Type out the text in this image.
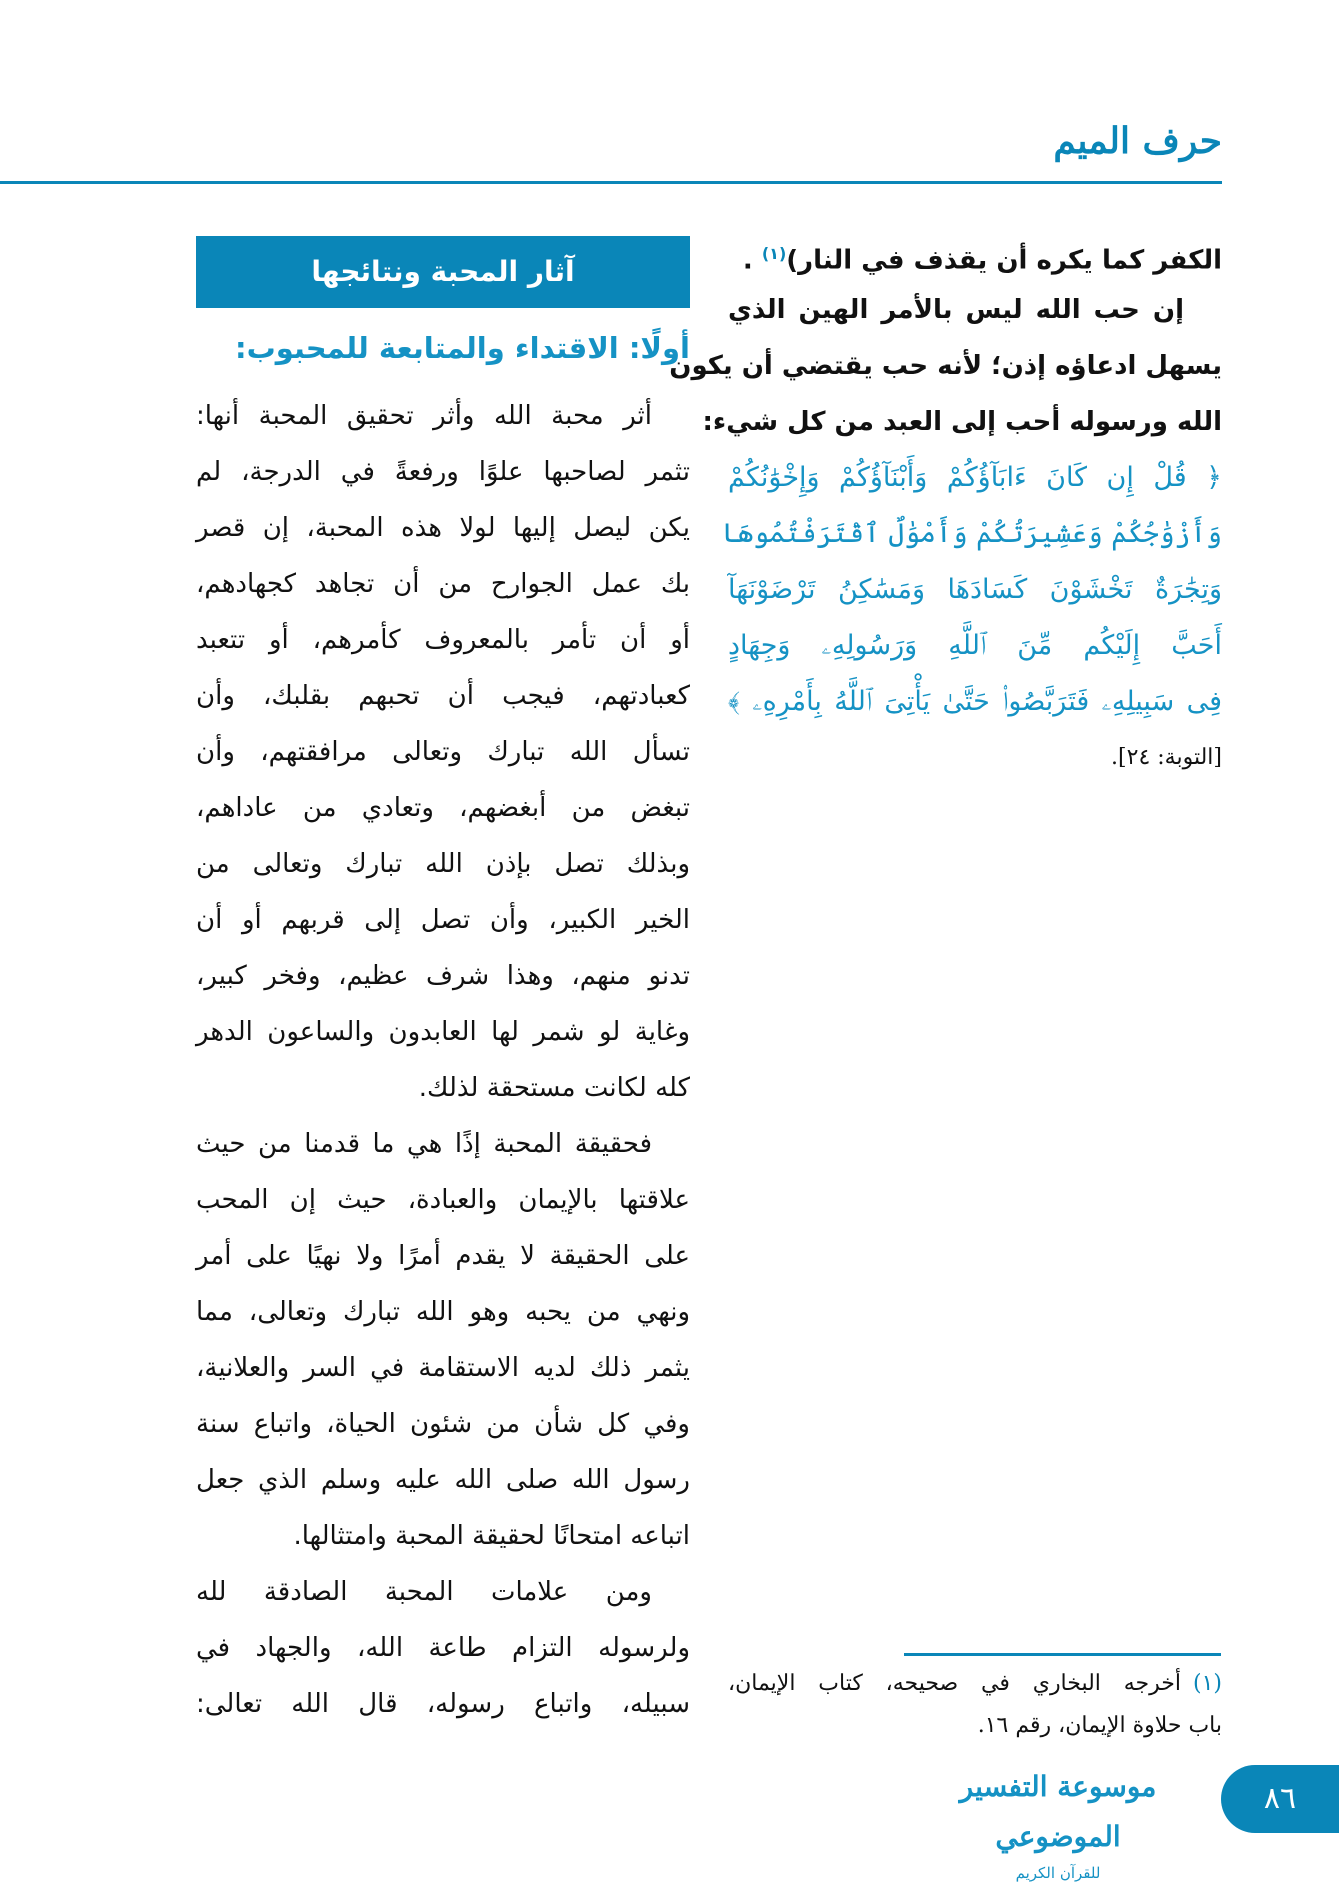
حرف الميم
الكفر كما يكره أن يقذف في النار)$^{(١)}$ .
إن حب الله ليس بالأمر الهين الذي
يسهل ادعاؤه إذن؛ لأنه حب يقتضي أن يكون
الله ورسوله أحب إلى العبد من كل شيء:
﴿ قُلْ إِن كَانَ ءَابَآؤُكُمْ وَأَبْنَآؤُكُمْ وَإِخْوَٰنُكُمْ
وَأَزْوَٰجُكُمْ وَعَشِيرَتُكُمْ وَأَمْوَٰلٌ ٱقْتَرَفْتُمُوهَا
وَتِجَٰرَةٌ تَخْشَوْنَ كَسَادَهَا وَمَسَٰكِنُ تَرْضَوْنَهَآ
أَحَبَّ إِلَيْكُم مِّنَ ٱللَّهِ وَرَسُولِهِۦ وَجِهَادٍ
فِى سَبِيلِهِۦ فَتَرَبَّصُوا۟ حَتَّىٰ يَأْتِىَ ٱللَّهُ بِأَمْرِهِۦ ﴾
[التوبة: ٢٤].
آثار المحبة ونتائجها
أولًا: الاقتداء والمتابعة للمحبوب:
أثر محبة الله وأثر تحقيق المحبة أنها:
تثمر لصاحبها علوًا ورفعةً في الدرجة، لم
يكن ليصل إليها لولا هذه المحبة، إن قصر
بك عمل الجوارح من أن تجاهد كجهادهم،
أو أن تأمر بالمعروف كأمرهم، أو تتعبد
كعبادتهم، فيجب أن تحبهم بقلبك، وأن
تسأل الله تبارك وتعالى مرافقتهم، وأن
تبغض من أبغضهم، وتعادي من عاداهم،
وبذلك تصل بإذن الله تبارك وتعالى من
الخير الكبير، وأن تصل إلى قربهم أو أن
تدنو منهم، وهذا شرف عظيم، وفخر كبير،
وغاية لو شمر لها العابدون والساعون الدهر
كله لكانت مستحقة لذلك.
فحقيقة المحبة إذًا هي ما قدمنا من حيث
علاقتها بالإيمان والعبادة، حيث إن المحب
على الحقيقة لا يقدم أمرًا ولا نهيًا على أمر
ونهي من يحبه وهو الله تبارك وتعالى، مما
يثمر ذلك لديه الاستقامة في السر والعلانية،
وفي كل شأن من شئون الحياة، واتباع سنة
رسول الله صلى الله عليه وسلم الذي جعل
اتباعه امتحانًا لحقيقة المحبة وامتثالها.
ومن علامات المحبة الصادقة لله
ولرسوله التزام طاعة الله، والجهاد في
سبيله، واتباع رسوله، قال الله تعالى:
(١)أخرجه البخاري في صحيحه، كتاب الإيمان،
باب حلاوة الإيمان، رقم ١٦.
موسوعة التفسير الموضوعي
للقرآن الكريم
٨٦
